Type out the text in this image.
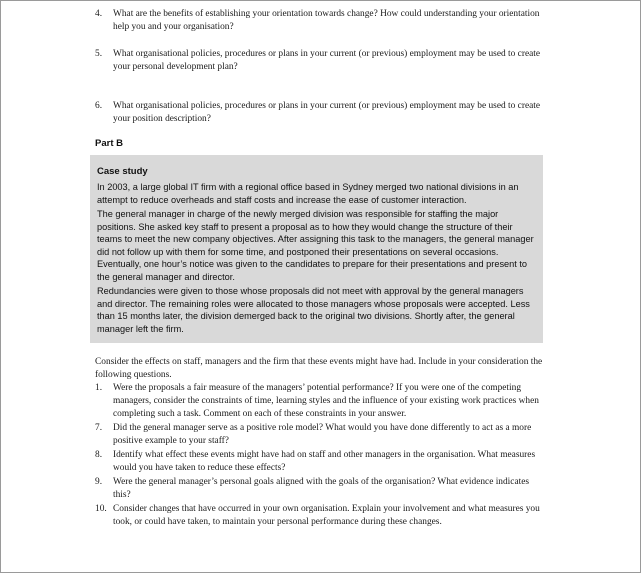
4.	What are the benefits of establishing your orientation towards change? How could understanding your orientation help you and your organisation?
5.	What organisational policies, procedures or plans in your current (or previous) employment may be used to create your personal development plan?
6.	What organisational policies, procedures or plans in your current (or previous) employment may be used to create your position description?
Part B
Case study

In 2003, a large global IT firm with a regional office based in Sydney merged two national divisions in an attempt to reduce overheads and staff costs and increase the ease of customer interaction.

The general manager in charge of the newly merged division was responsible for staffing the major positions. She asked key staff to present a proposal as to how they would change the structure of their teams to meet the new company objectives. After assigning this task to the managers, the general manager did not follow up with them for some time, and postponed their presentations on several occasions. Eventually, one hour’s notice was given to the candidates to prepare for their presentations and present to the general manager and director.

Redundancies were given to those whose proposals did not meet with approval by the general managers and director. The remaining roles were allocated to those managers whose proposals were accepted. Less than 15 months later, the division demerged back to the original two divisions. Shortly after, the general manager left the firm.

Consider the effects on staff, managers and the firm that these events might have had. Include in your consideration the following questions.
1.	Were the proposals a fair measure of the managers’ potential performance? If you were one of the competing managers, consider the constraints of time, learning styles and the influence of your existing work practices when completing such a task. Comment on each of these constraints in your answer.
7.	Did the general manager serve as a positive role model? What would you have done differently to act as a more positive example to your staff?
8.	Identify what effect these events might have had on staff and other managers in the organisation. What measures would you have taken to reduce these effects?
9.	Were the general manager’s personal goals aligned with the goals of the organisation? What evidence indicates this?
10. Consider changes that have occurred in your own organisation. Explain your involvement and what measures you took, or could have taken, to maintain your personal performance during these changes.
